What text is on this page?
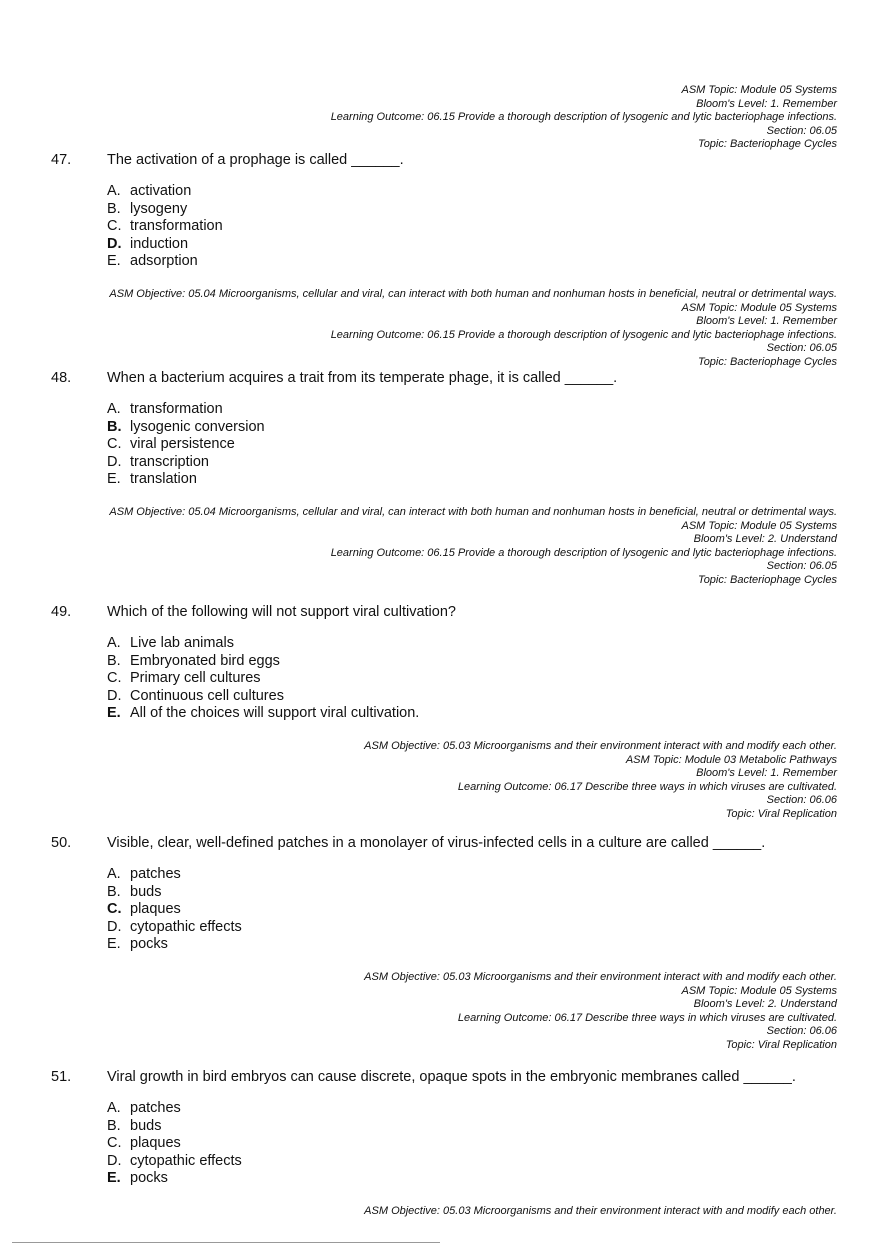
ASM Topic: Module 05 Systems
Bloom's Level: 1. Remember
Learning Outcome: 06.15 Provide a thorough description of lysogenic and lytic bacteriophage infections.
Section: 06.05
Topic: Bacteriophage Cycles
47.	The activation of a prophage is called ______.
A. activation
B. lysogeny
C. transformation
D. induction
E. adsorption
ASM Objective: 05.04 Microorganisms, cellular and viral, can interact with both human and nonhuman hosts in beneficial, neutral or detrimental ways.
ASM Topic: Module 05 Systems
Bloom's Level: 1. Remember
Learning Outcome: 06.15 Provide a thorough description of lysogenic and lytic bacteriophage infections.
Section: 06.05
Topic: Bacteriophage Cycles
48.	When a bacterium acquires a trait from its temperate phage, it is called ______.
A. transformation
B. lysogenic conversion
C. viral persistence
D. transcription
E. translation
ASM Objective: 05.04 Microorganisms, cellular and viral, can interact with both human and nonhuman hosts in beneficial, neutral or detrimental ways.
ASM Topic: Module 05 Systems
Bloom's Level: 2. Understand
Learning Outcome: 06.15 Provide a thorough description of lysogenic and lytic bacteriophage infections.
Section: 06.05
Topic: Bacteriophage Cycles
49.	Which of the following will not support viral cultivation?
A. Live lab animals
B. Embryonated bird eggs
C. Primary cell cultures
D. Continuous cell cultures
E. All of the choices will support viral cultivation.
ASM Objective: 05.03 Microorganisms and their environment interact with and modify each other.
ASM Topic: Module 03 Metabolic Pathways
Bloom's Level: 1. Remember
Learning Outcome: 06.17 Describe three ways in which viruses are cultivated.
Section: 06.06
Topic: Viral Replication
50.	Visible, clear, well-defined patches in a monolayer of virus-infected cells in a culture are called ______.
A. patches
B. buds
C. plaques
D. cytopathic effects
E. pocks
ASM Objective: 05.03 Microorganisms and their environment interact with and modify each other.
ASM Topic: Module 05 Systems
Bloom's Level: 2. Understand
Learning Outcome: 06.17 Describe three ways in which viruses are cultivated.
Section: 06.06
Topic: Viral Replication
51.	Viral growth in bird embryos can cause discrete, opaque spots in the embryonic membranes called ______.
A. patches
B. buds
C. plaques
D. cytopathic effects
E. pocks
ASM Objective: 05.03 Microorganisms and their environment interact with and modify each other.
